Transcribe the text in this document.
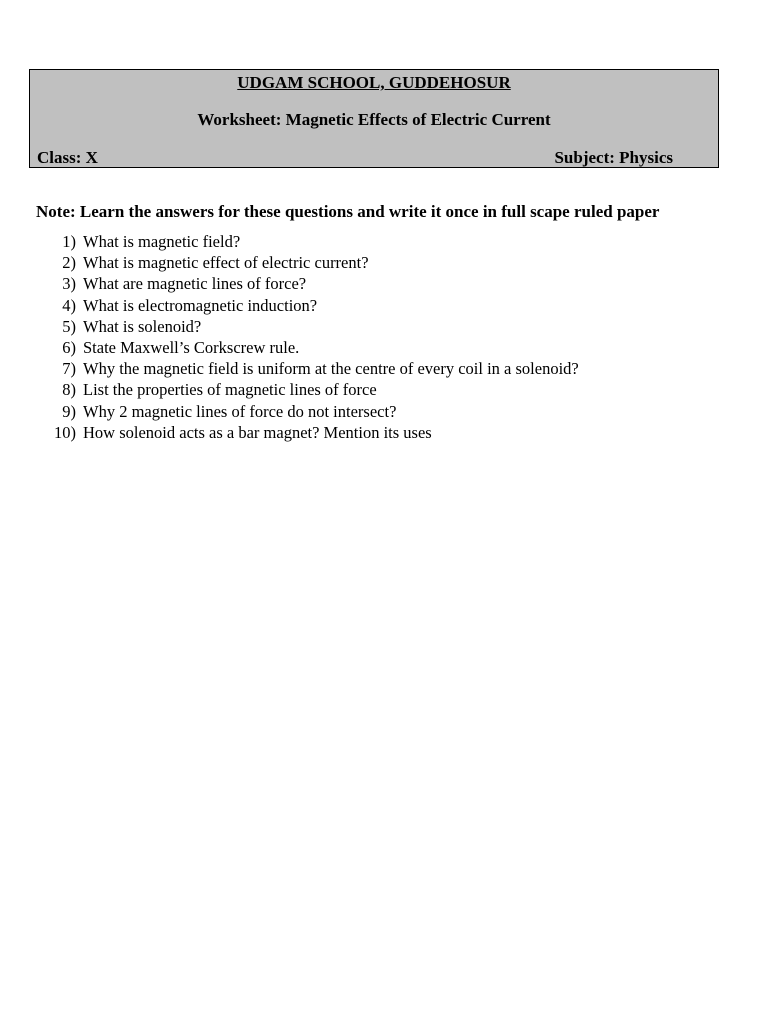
UDGAM SCHOOL, GUDDEHOSUR
Worksheet: Magnetic Effects of Electric Current
Class: X	Subject: Physics
Note: Learn the answers for these questions and write it once in full scape ruled paper
1) What is magnetic field?
2) What is magnetic effect of electric current?
3) What are magnetic lines of force?
4) What is electromagnetic induction?
5) What is solenoid?
6) State Maxwell’s Corkscrew rule.
7) Why the magnetic field is uniform at the centre of every coil in a solenoid?
8) List the properties of magnetic lines of force
9) Why 2 magnetic lines of force do not intersect?
10) How solenoid acts as a bar magnet? Mention its uses
